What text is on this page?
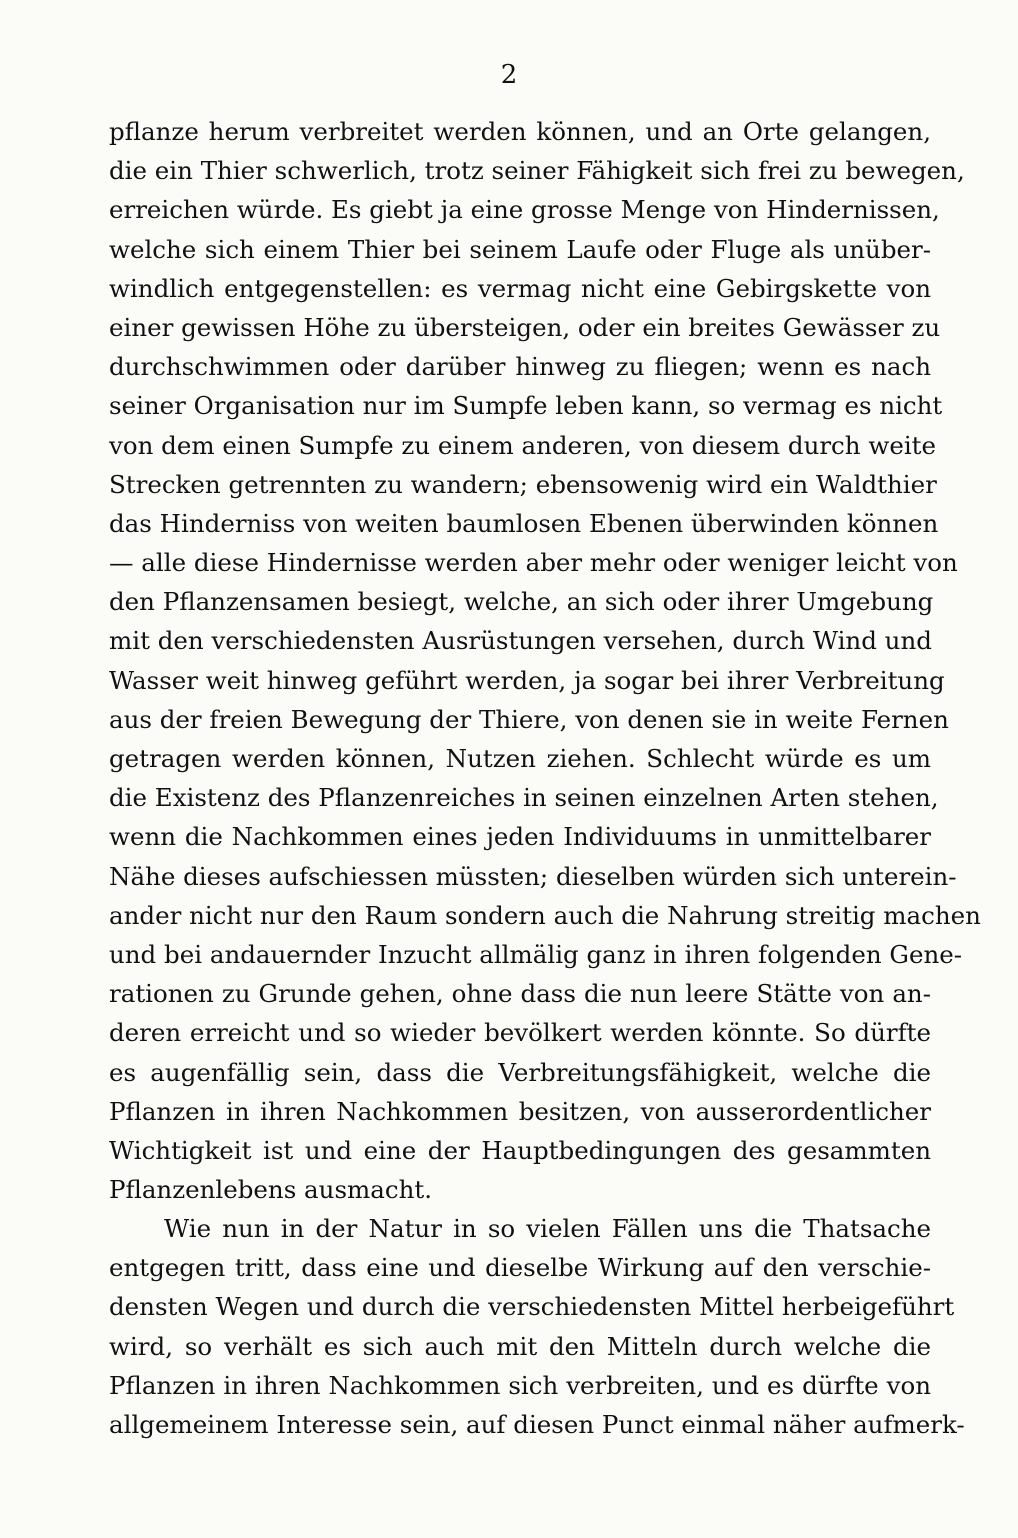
2
pflanze herum verbreitet werden können, und an Orte gelangen,
die ein Thier schwerlich, trotz seiner Fähigkeit sich frei zu bewegen,
erreichen würde. Es giebt ja eine grosse Menge von Hindernissen,
welche sich einem Thier bei seinem Laufe oder Fluge als unüber-
windlich entgegenstellen: es vermag nicht eine Gebirgskette von
einer gewissen Höhe zu übersteigen, oder ein breites Gewässer zu
durchschwimmen oder darüber hinweg zu fliegen; wenn es nach
seiner Organisation nur im Sumpfe leben kann, so vermag es nicht
von dem einen Sumpfe zu einem anderen, von diesem durch weite
Strecken getrennten zu wandern; ebensowenig wird ein Waldthier
das Hinderniss von weiten baumlosen Ebenen überwinden können
— alle diese Hindernisse werden aber mehr oder weniger leicht von
den Pflanzensamen besiegt, welche, an sich oder ihrer Umgebung
mit den verschiedensten Ausrüstungen versehen, durch Wind und
Wasser weit hinweg geführt werden, ja sogar bei ihrer Verbreitung
aus der freien Bewegung der Thiere, von denen sie in weite Fernen
getragen werden können, Nutzen ziehen. Schlecht würde es um
die Existenz des Pflanzenreiches in seinen einzelnen Arten stehen,
wenn die Nachkommen eines jeden Individuums in unmittelbarer
Nähe dieses aufschiessen müssten; dieselben würden sich unterein-
ander nicht nur den Raum sondern auch die Nahrung streitig machen
und bei andauernder Inzucht allmälig ganz in ihren folgenden Gene-
rationen zu Grunde gehen, ohne dass die nun leere Stätte von an-
deren erreicht und so wieder bevölkert werden könnte. So dürfte
es augenfällig sein, dass die Verbreitungsfähigkeit, welche die
Pflanzen in ihren Nachkommen besitzen, von ausserordentlicher
Wichtigkeit ist und eine der Hauptbedingungen des gesammten
Pflanzenlebens ausmacht.
Wie nun in der Natur in so vielen Fällen uns die Thatsache
entgegen tritt, dass eine und dieselbe Wirkung auf den verschie-
densten Wegen und durch die verschiedensten Mittel herbeigeführt
wird, so verhält es sich auch mit den Mitteln durch welche die
Pflanzen in ihren Nachkommen sich verbreiten, und es dürfte von
allgemeinem Interesse sein, auf diesen Punct einmal näher aufmerk-
